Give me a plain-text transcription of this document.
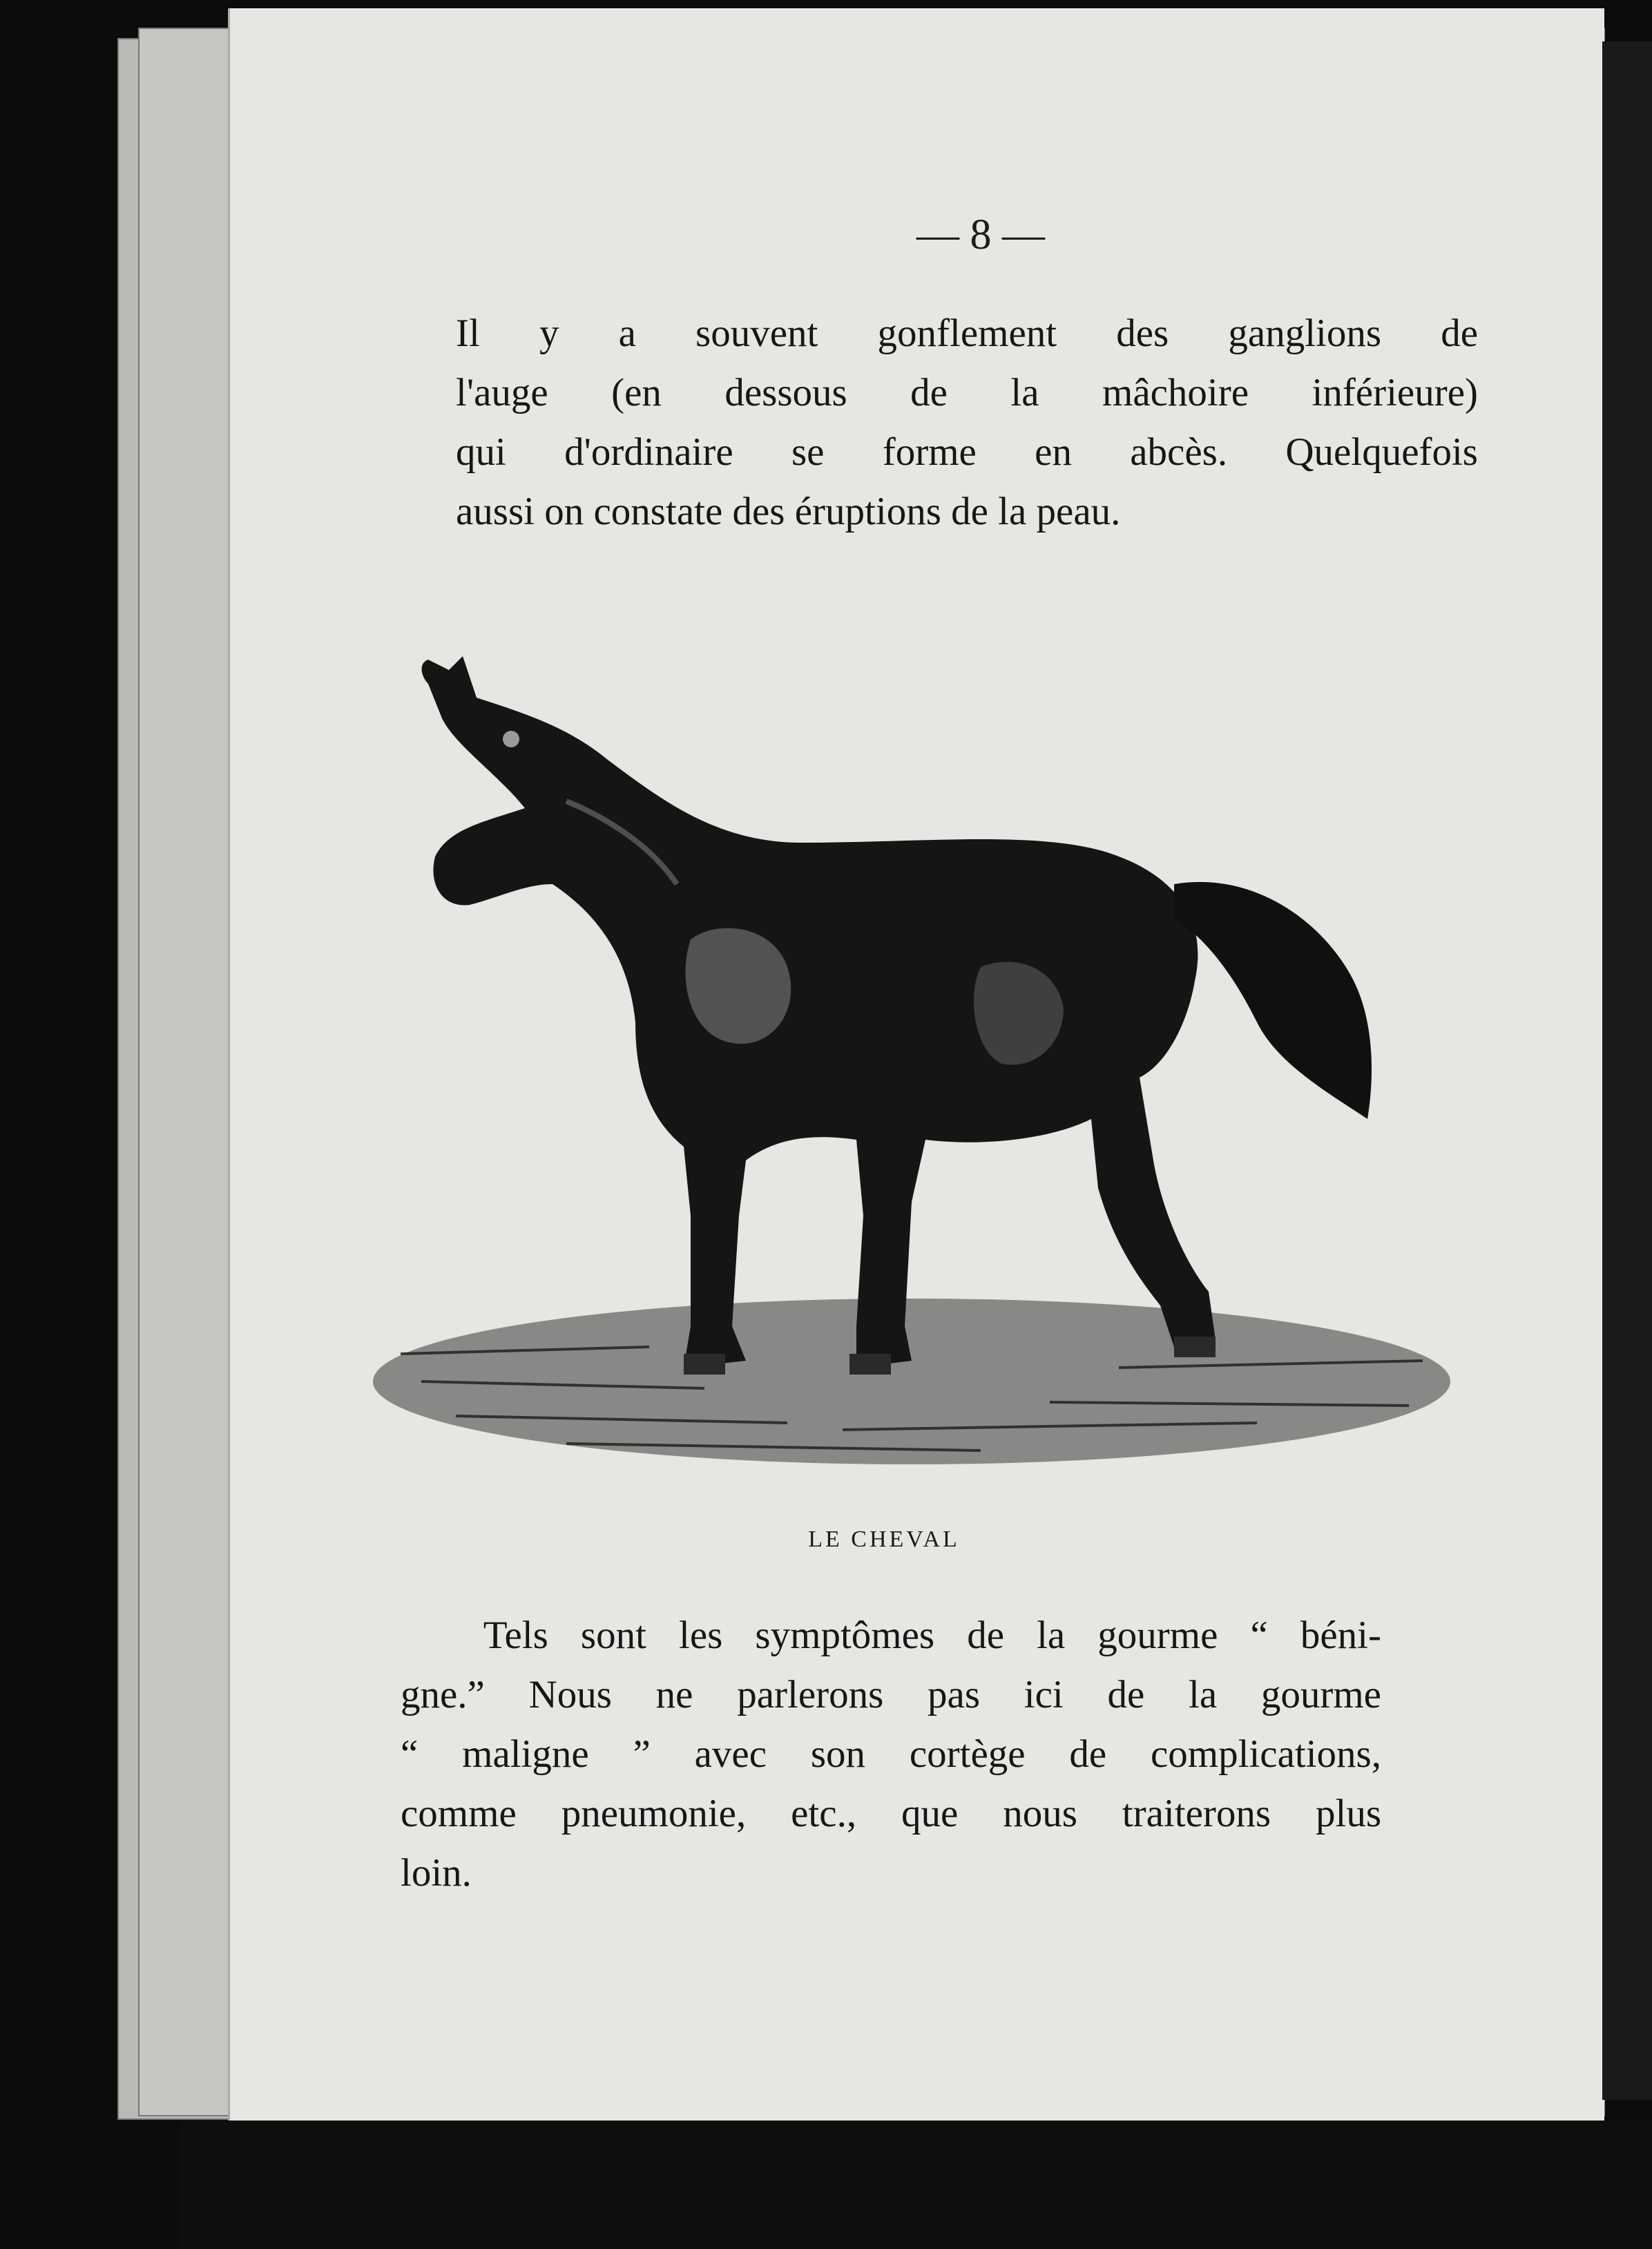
— 8 —
Il y a souvent gonflement des ganglions de
l'auge (en dessous de la mâchoire inférieure)
qui d'ordinaire se forme en abcès. Quelquefois
aussi on constate des éruptions de la peau.
LE CHEVAL
Tels sont les symptômes de la gourme “ béni-
gne.” Nous ne parlerons pas ici de la gourme
“ maligne ” avec son cortège de complications,
comme pneumonie, etc., que nous traiterons plus
loin.
